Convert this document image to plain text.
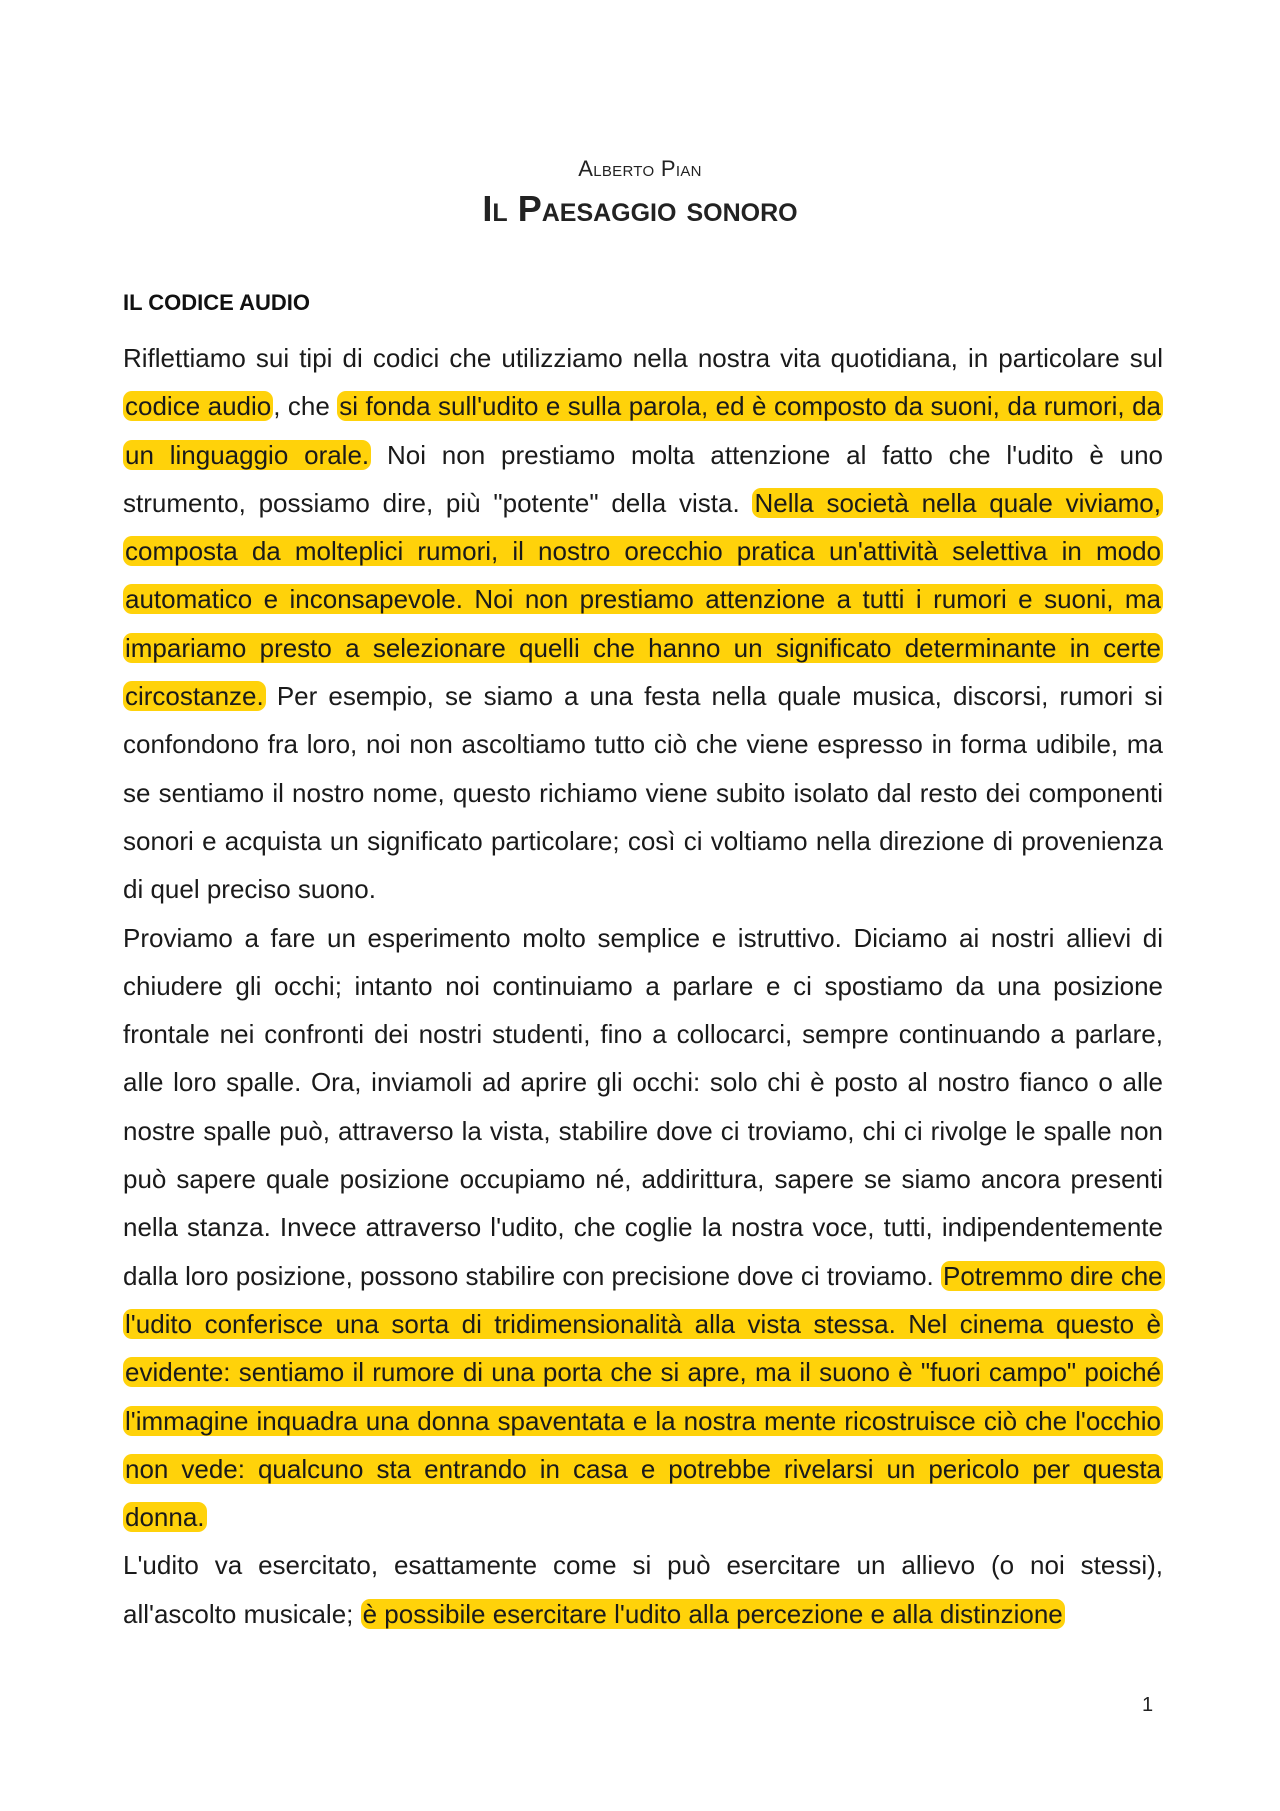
Alberto Pian
Il Paesaggio sonoro
IL CODICE AUDIO

Riflettiamo sui tipi di codici che utilizziamo nella nostra vita quotidiana, in particolare sul codice audio, che si fonda sull'udito e sulla parola, ed è composto da suoni, da rumori, da un linguaggio orale. Noi non prestiamo molta attenzione al fatto che l'udito è uno strumento, possiamo dire, più "potente" della vista. Nella società nella quale viviamo, composta da molteplici rumori, il nostro orecchio pratica un'attività selettiva in modo automatico e inconsapevole. Noi non prestiamo attenzione a tutti i rumori e suoni, ma impariamo presto a selezionare quelli che hanno un significato determinante in certe circostanze. Per esempio, se siamo a una festa nella quale musica, discorsi, rumori si confondono fra loro, noi non ascoltiamo tutto ciò che viene espresso in forma udibile, ma se sentiamo il nostro nome, questo richiamo viene subito isolato dal resto dei componenti sonori e acquista un significato particolare; così ci voltiamo nella direzione di provenienza di quel preciso suono.

Proviamo a fare un esperimento molto semplice e istruttivo. Diciamo ai nostri allievi di chiudere gli occhi; intanto noi continuiamo a parlare e ci spostiamo da una posizione frontale nei confronti dei nostri studenti, fino a collocarci, sempre continuando a parlare, alle loro spalle. Ora, inviamoli ad aprire gli occhi: solo chi è posto al nostro fianco o alle nostre spalle può, attraverso la vista, stabilire dove ci troviamo, chi ci rivolge le spalle non può sapere quale posizione occupiamo né, addirittura, sapere se siamo ancora presenti nella stanza. Invece attraverso l'udito, che coglie la nostra voce, tutti, indipendentemente dalla loro posizione, possono stabilire con precisione dove ci troviamo. Potremmo dire che l'udito conferisce una sorta di tridimensionalità alla vista stessa. Nel cinema questo è evidente: sentiamo il rumore di una porta che si apre, ma il suono è "fuori campo" poiché l'immagine inquadra una donna spaventata e la nostra mente ricostruisce ciò che l'occhio non vede: qualcuno sta entrando in casa e potrebbe rivelarsi un pericolo per questa donna.

L'udito va esercitato, esattamente come si può esercitare un allievo (o noi stessi), all'ascolto musicale; è possibile esercitare l'udito alla percezione e alla distinzione

1
